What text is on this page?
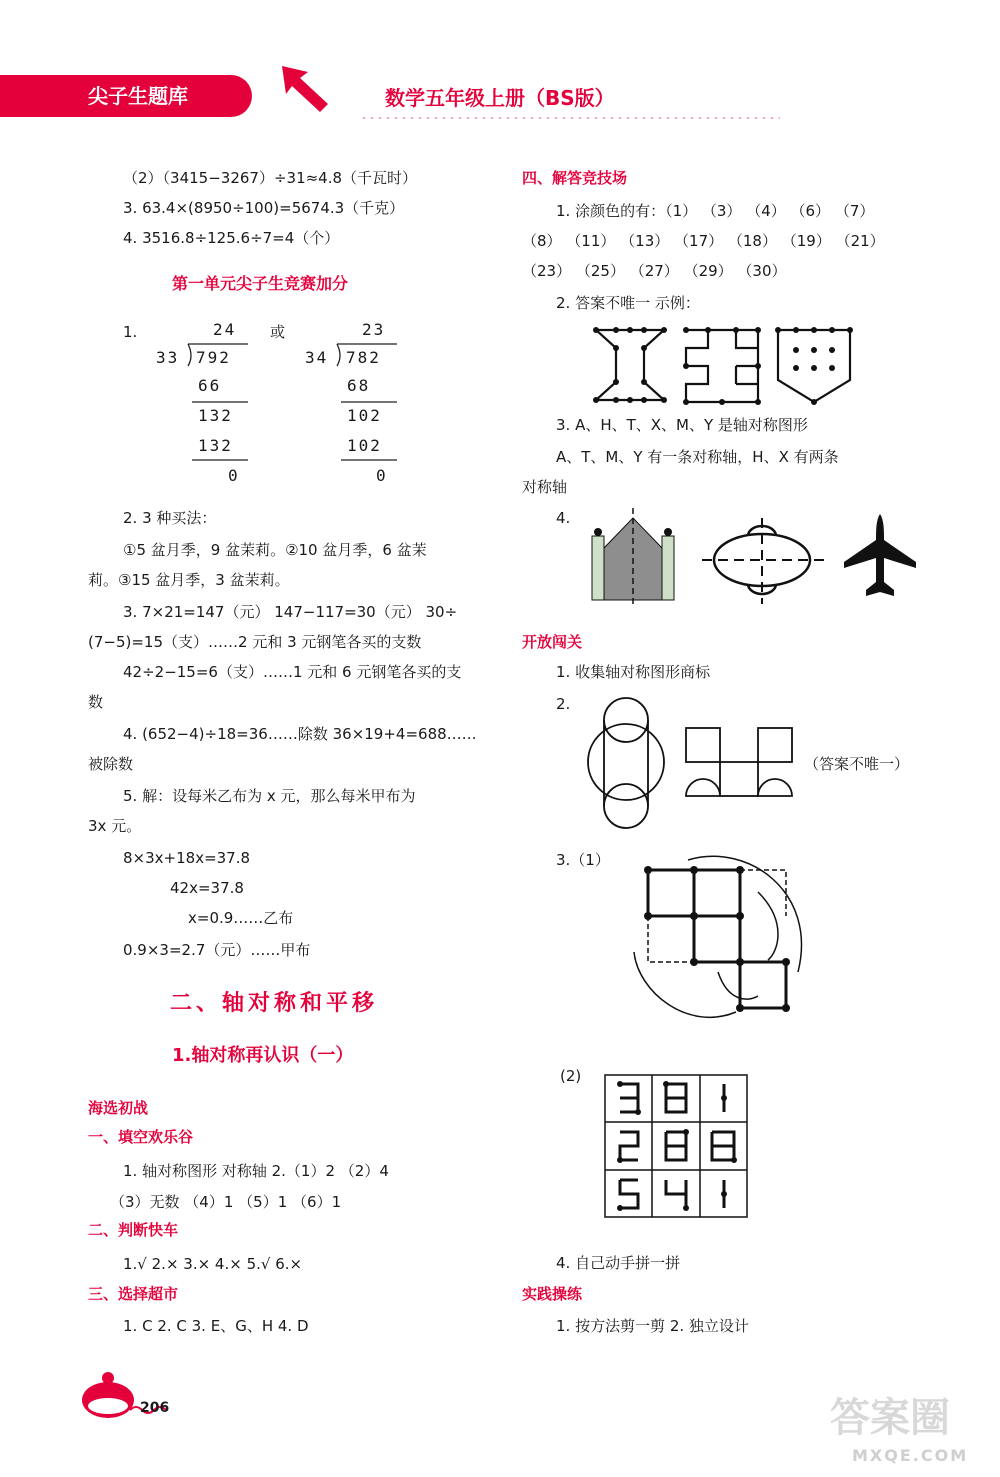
尖子生题库	数学五年级上册（BS版）
（2）（3415−3267）÷31≈4.8（千瓦时）
3. 63.4×(8950÷100)=5674.3（千克）
4. 3516.8÷125.6÷7=4（个）
第一单元尖子生竞赛加分
1.	24
33 792
66
132
132
0
或	23
34 782
68
102
102
0
2. 3 种买法：
①5 盆月季，9 盆茉莉。②10 盆月季，6 盆茉
莉。③15 盆月季，3 盆茉莉。
3. 7×21=147（元） 147−117=30（元） 30÷
(7−5)=15（支）……2 元和 3 元钢笔各买的支数
42÷2−15=6（支）……1 元和 6 元钢笔各买的支
数
4. (652−4)÷18=36……除数 36×19+4=688……
被除数
5. 解：设每米乙布为 x 元，那么每米甲布为
3x 元。
8×3x+18x=37.8
42x=37.8
x=0.9……乙布
0.9×3=2.7（元）……甲布
二、轴对称和平移
1.轴对称再认识（一）
海选初战
一、填空欢乐谷
1. 轴对称图形 对称轴 2.（1）2 （2）4
（3）无数 （4）1 （5）1 （6）1
二、判断快车
1.√ 2.× 3.× 4.× 5.√ 6.×
三、选择超市
1. C 2. C 3. E、G、H 4. D
206
四、解答竞技场
1. 涂颜色的有：（1） （3） （4） （6） （7）
（8） （11） （13） （17） （18） （19） （21）
（23） （25） （27） （29） （30）
2. 答案不唯一 示例：
3. A、H、T、X、M、Y 是轴对称图形
A、T、M、Y 有一条对称轴，H、X 有两条
对称轴
4.
开放闯关
1. 收集轴对称图形商标
2.
（答案不唯一）
3.（1）
(2)
4. 自己动手拼一拼
实践操练
1. 按方法剪一剪 2. 独立设计
答案圈
MXQE.COM
